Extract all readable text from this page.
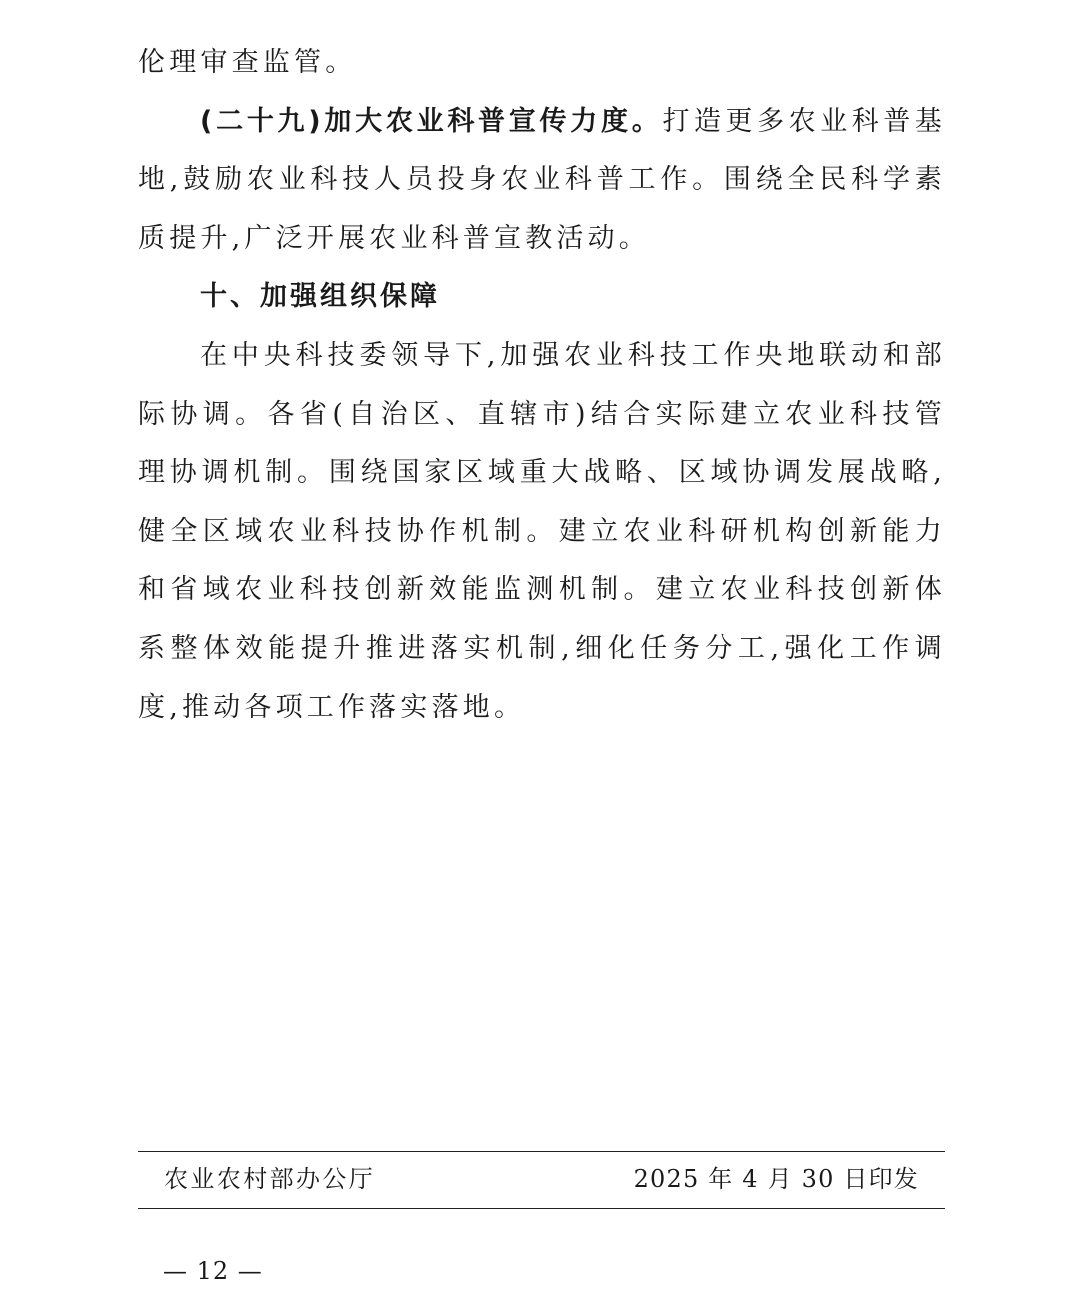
伦理审查监管。

(二十九)加大农业科普宣传力度。打造更多农业科普基地,鼓励农业科技人员投身农业科普工作。围绕全民科学素质提升,广泛开展农业科普宣教活动。

十、加强组织保障

在中央科技委领导下,加强农业科技工作央地联动和部际协调。各省(自治区、直辖市)结合实际建立农业科技管理协调机制。围绕国家区域重大战略、区域协调发展战略,健全区域农业科技协作机制。建立农业科研机构创新能力和省域农业科技创新效能监测机制。建立农业科技创新体系整体效能提升推进落实机制,细化任务分工,强化工作调度,推动各项工作落实落地。

农业农村部办公厅	2025 年 4 月 30 日印发
— 12 —
